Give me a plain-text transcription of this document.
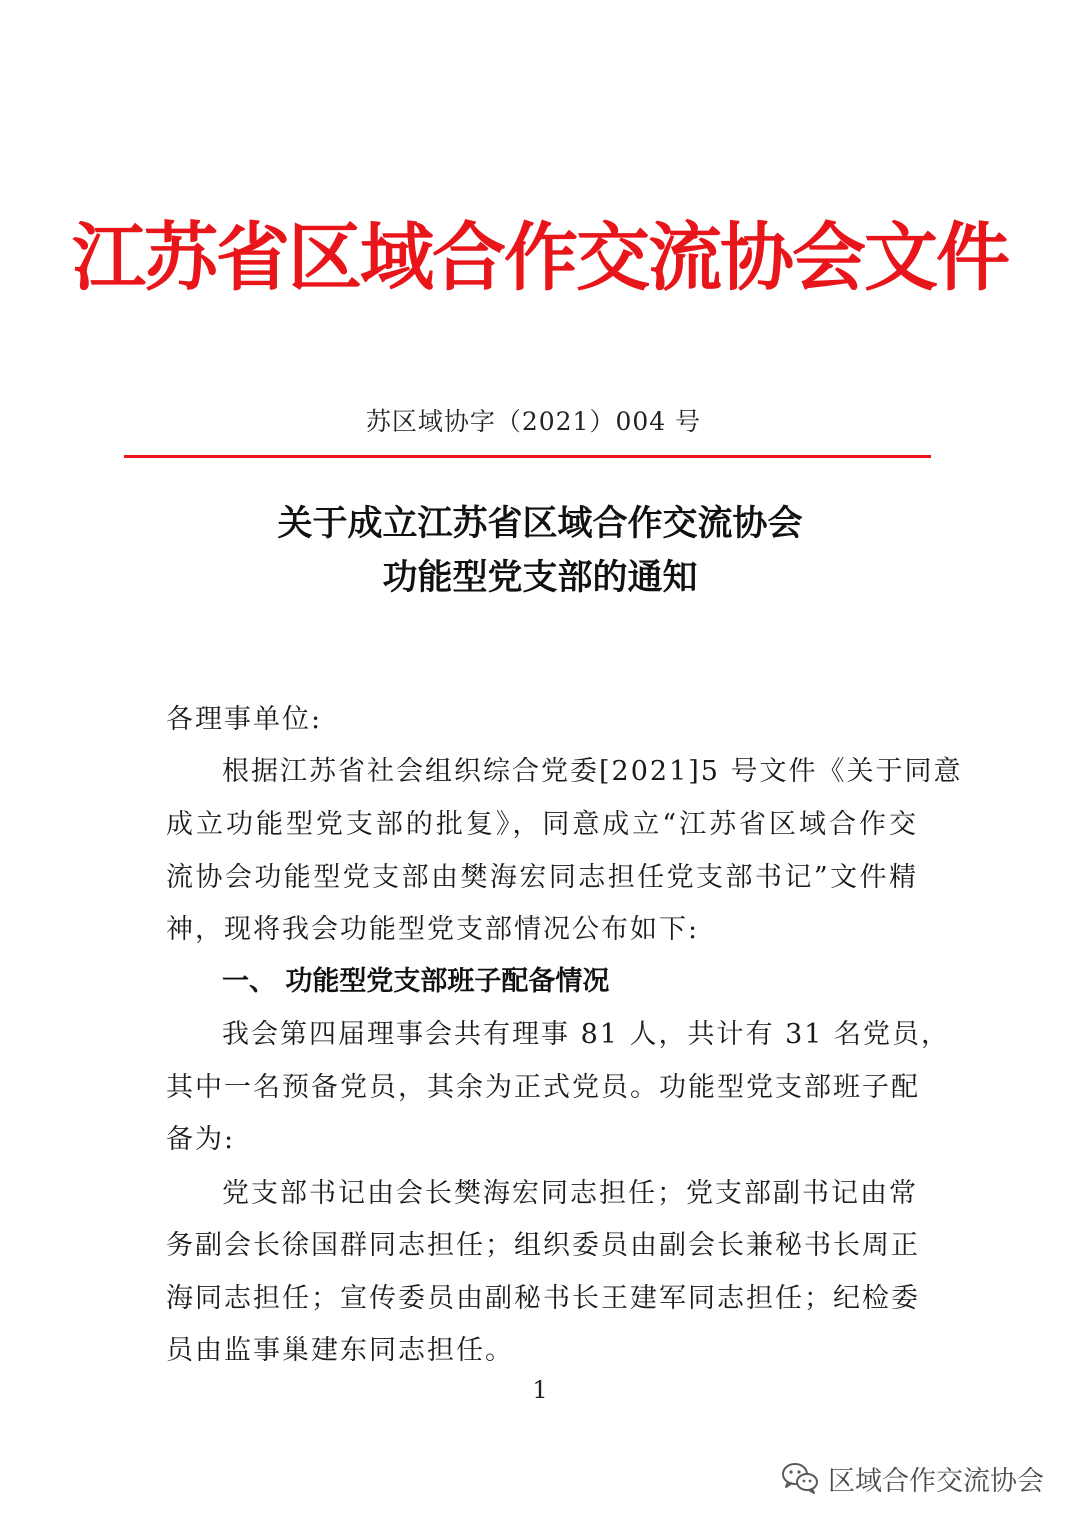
江苏省区域合作交流协会文件
苏区域协字（2021）004 号
关于成立江苏省区域合作交流协会
功能型党支部的通知
各理事单位:
根据江苏省社会组织综合党委[2021]5 号文件《关于同意
成立功能型党支部的批复》，同意成立“江苏省区域合作交
流协会功能型党支部由樊海宏同志担任党支部书记”文件精
神，现将我会功能型党支部情况公布如下:
一、 功能型党支部班子配备情况
我会第四届理事会共有理事 81 人，共计有 31 名党员，
其中一名预备党员，其余为正式党员。功能型党支部班子配
备为:
党支部书记由会长樊海宏同志担任；党支部副书记由常
务副会长徐国群同志担任；组织委员由副会长兼秘书长周正
海同志担任；宣传委员由副秘书长王建军同志担任；纪检委
员由监事巢建东同志担任。
1
区域合作交流协会
